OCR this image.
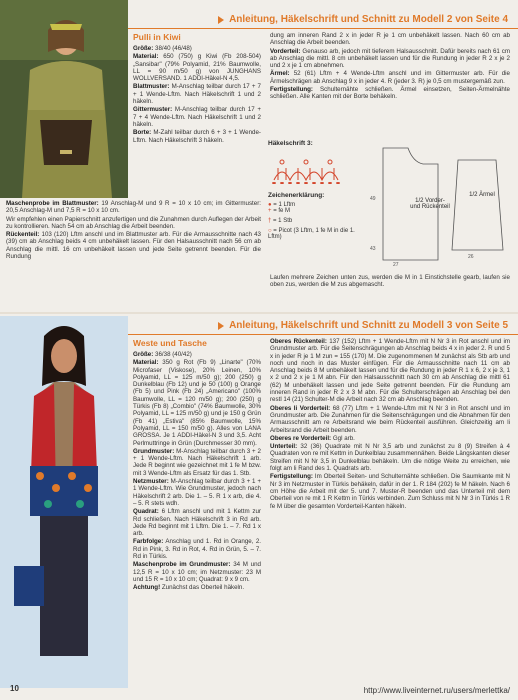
Anleitung, Häkelschrift und Schnitt zu Modell 2 von Seite 4

Pulli in Kiwi

Größe: 38/40 (46/48)

Material: 650 (750) g Kiwi (Fb 208-504) „Sansibar" (79% Polyamid, 21% Baumwolle, LL = 90 m/50 g) von JUNGHANS WOLLVERSAND. 1 ADDI-Häkel-N 4,5.

Blattmuster: M-Anschlag teilbar durch 17 + 7 + 1 Wende-Lftm. Nach Häkelschrift 1 und 2 häkeln.

Gittermuster: M-Anschlag teilbar durch 17 + 7 + 4 Wende-Lftm. Nach Häkelschrift 1 und 2 häkeln.

Borte: M-Zahl teilbar durch 6 + 3 + 1 Wende-Lftm. Nach Häkelschrift 3 häkeln.

Maschenprobe im Blattmuster: 19 Anschlag-M und 9 R = 10 x 10 cm; im Gittermuster: 20,5 Anschlag-M und 7,5 R = 10 x 10 cm.

Wir empfehlen einen Papierschnitt anzufertigen und die Zunahmen durch Auflegen der Arbeit zu kontrollieren. Nach 54 cm ab Anschlag die Arbeit beenden.

Rückenteil: 103 (120) Lftm anschl und im Blattmuster arb. Für die Armausschnitte nach 43 (39) cm ab Anschlag beids 4 cm unbehäkelt lassen. Für den Halsausschnitt nach 56 cm ab Anschlag die mittl. 16 cm unbehäkelt lassen und jede Seite getrennt beenden. Für die Rundung

dung am inneren Rand 2 x in jeder R je 1 cm unbehäkelt lassen. Nach 60 cm ab Anschlag die Arbeit beenden.

Vorderteil: Genauso arb, jedoch mit tieferem Halsausschnitt. Dafür bereits nach 61 cm ab Anschlag die mittl. 8 cm unbehäkelt lassen und für die Rundung in jeder R 2 x je 2 und 2 x je 1 cm abnehmen.

Ärmel: 52 (61) Lftm + 4 Wende-Lftm anschl und im Gittermuster arb. Für die Ärmelschrägen ab Anschlag 9 x in jeder 4. R (jeder 3. R) je 0,5 cm mustergemäß zun.

Fertigstellung: Schulternähte schließen. Ärmel einsetzen, Seiten-Ärmelnähte schließen. Alle Kanten mit der Borte behäkeln.

Häkelschrift 3:
Zeichenerklärung:
● = 1 Lftm
+ = fe M
† = 1 Stb
○ = Picot (3 Lftm, 1 fe M in die 1. Lftm)
49
43
27
26
1/2 Vorder- und Rückenteil
1/2 Ärmel

Laufen mehrere Zeichen unten zus, werden die M in 1 Einstichstelle gearb, laufen sie oben zus, werden die M zus abgemascht.

Anleitung, Häkelschrift und Schnitt zu Modell 3 von Seite 5

Weste und Tasche

Größe: 36/38 (40/42)

Material: 350 g Rot (Fb 9) „Linarte" (70% Microfaser (Viskose), 20% Leinen, 10% Polyamid, LL = 125 m/50 g); 200 (250) g Dunkelblau (Fb 12) und je 50 (100) g Orange (Fb 5) und Pink (Fb 24) „Americano" (100% Baumwolle, LL = 120 m/50 g); 200 (250) g Türkis (Fb 8) „Combio" (74% Baumwolle, 30% Polyamid, LL = 125 m/50 g) und je 150 g Grün (Fb 41) „Estiva" (85% Baumwolle, 15% Polyamid, LL = 150 m/50 g). Alles von LANA GROSSA. Je 1 ADDI-Häkel-N 3 und 3,5. Acht Perlmuttringe in Grün (Durchmesser 30 mm).

Grundmuster: M-Anschlag teilbar durch 3 + 2 + 1 Wende-Lftm. Nach Häkelschrift 1 arb. Jede R beginnt wie gezeichnet mit 1 fe M bzw. mit 3 Wende-Lftm als Ersatz für das 1. Stb.

Netzmuster: M-Anschlag teilbar durch 3 + 1 + 1 Wende-Lftm. Wie Grundmuster, jedoch nach Häkelschrift 2 arb. Die 1. – 5. R 1 x arb, die 4. – 5. R stets wdh.

Quadrat: 6 Lftm anschl und mit 1 Kettm zur Rd schließen. Nach Häkelschrift 3 in Rd arb. Jede Rd beginnt mit 1 Lftm. Die 1. – 7. Rd 1 x arb.

Farbfolge: Anschlag und 1. Rd in Orange, 2. Rd in Pink, 3. Rd in Rot, 4. Rd in Grün, 5. – 7. Rd in Türkis.

Maschenprobe im Grundmuster: 34 M und 12,5 R = 10 x 10 cm; im Netzmuster: 23 M und 15 R = 10 x 10 cm; Quadrat: 9 x 9 cm.

Achtung! Zunächst das Oberteil häkeln.

Oberes Rückenteil: 137 (152) Lftm + 1 Wende-Lftm mit N Nr 3 in Rot anschl und im Grundmuster arb. Für die Seitenschrägungen ab Anschlag beids 4 x in jeder 2. R und 5 x in jeder R je 1 M zun = 155 (170) M. Die zugenommenen M zunächst als Stb arb und noch und noch in das Muster einfügen. Für die Armausschnitte nach 11 cm ab Anschlag beids 8 M unbehäkelt lassen und für die Rundung in jeder R 1 x 6, 2 x je 3, 1 x 2 und 2 x je 1 M abn. Für den Halsausschnitt nach 30 cm ab Anschlag die mittl 61 (62) M unbehäkelt lassen und jede Seite getrennt beenden. Für die Rundung am inneren Rand in jeder R 2 x 3 M abn. Für die Schulterschrägen ab Anschlag bei den restl 14 (21) Schulter-M die Arbeit nach 32 cm ab Anschlag beenden.

Oberes li Vorderteil: 68 (77) Lftm + 1 Wende-Lftm mit N Nr 3 in Rot anschl und im Grundmuster arb. Die Zunahmen für die Seitenschrägungen und die Abnahmen für den Armausschnitt am re Arbeitsrand wie beim Rückenteil ausführen. Gleichzeitig am li Arbeitsrand die Arbeit beenden.

Oberes re Vorderteil: Ggl arb.

Unterteil: 32 (36) Quadrate mit N Nr 3,5 arb und zunächst zu 8 (9) Streifen à 4 Quadraten von re mit Kettm in Dunkelblau zusammennähen. Beide Längskanten dieser Streifen mit N Nr 3,5 in Dunkelblau behäkeln. Um die nötige Weite zu erreichen, wie folgt am li Rand des 1. Quadrats arb.

Fertigstellung: Im Oberteil Seiten- und Schulternähte schließen. Die Saumkante mit N Nr 3 im Netzmuster in Türkis behäkeln, dafür in der 1. R 184 (202) fe M häkeln. Nach 6 cm Höhe die Arbeit mit der 5. und 7. Muster-R beenden und das Unterteil mit dem Oberteil von re mit 1 R Kettm in Türkis verbinden. Zum Schluss mit N Nr 3 in Türkis 1 R fe M über die gesamten Vorderteil-Kanten häkeln.

10	http://www.liveinternet.ru/users/merlettka/
